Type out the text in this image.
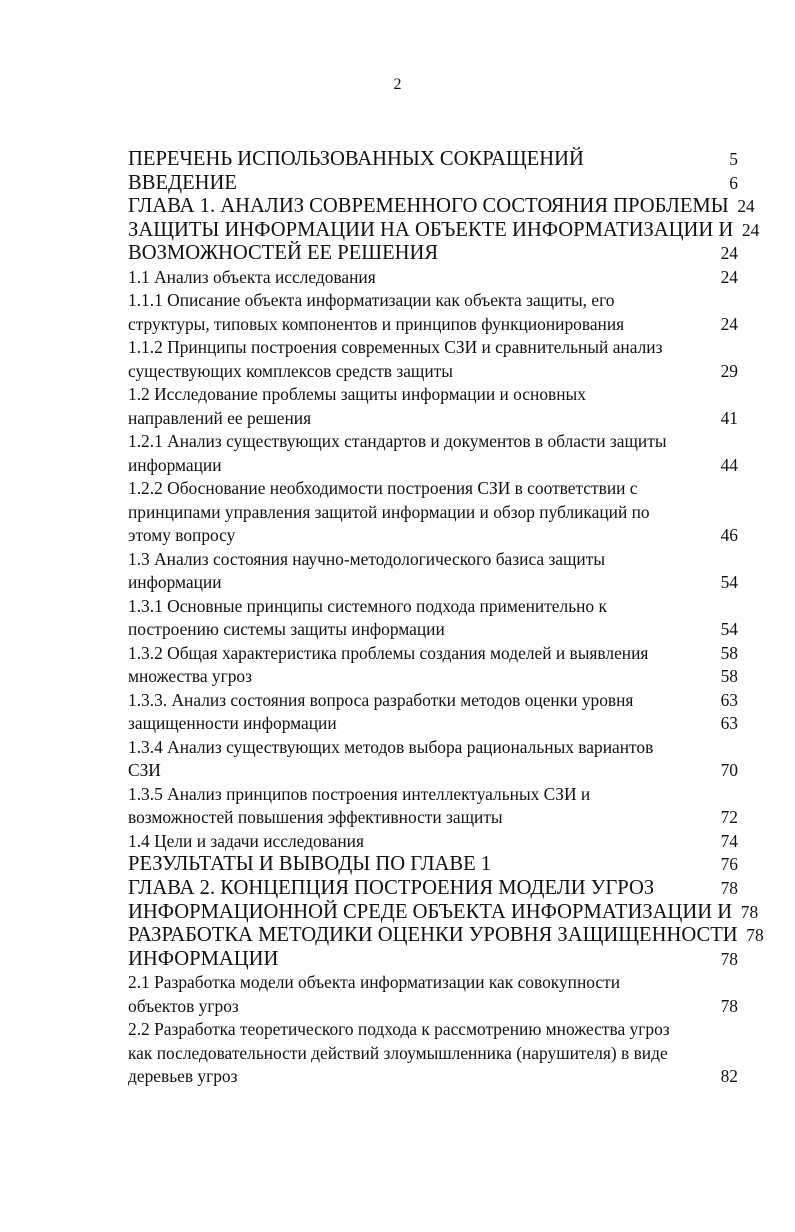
2
ПЕРЕЧЕНЬ ИСПОЛЬЗОВАННЫХ СОКРАЩЕНИЙ	5
ВВЕДЕНИЕ	6
ГЛАВА 1. АНАЛИЗ СОВРЕМЕННОГО СОСТОЯНИЯ ПРОБЛЕМЫ 24
ЗАЩИТЫ ИНФОРМАЦИИ НА ОБЪЕКТЕ ИНФОРМАТИЗАЦИИ И 24
ВОЗМОЖНОСТЕЙ ЕЕ РЕШЕНИЯ	24
1.1 Анализ объекта исследования	24
1.1.1 Описание объекта информатизации как объекта защиты, его
структуры, типовых компонентов и принципов функционирования	24
1.1.2 Принципы построения современных СЗИ и сравнительный анализ
существующих комплексов средств защиты	29
1.2 Исследование проблемы защиты информации и основных
направлений ее решения	41
1.2.1 Анализ существующих стандартов и документов в области защиты
информации	44
1.2.2 Обоснование необходимости построения СЗИ в соответствии с
принципами управления защитой информации и обзор публикаций по
этому вопросу	46
1.3 Анализ состояния научно-методологического базиса защиты
информации	54
1.3.1 Основные принципы системного подхода применительно к
построению системы защиты информации	54
1.3.2 Общая характеристика проблемы создания моделей и выявления	58
множества угроз	58
1.3.3. Анализ состояния вопроса разработки методов оценки уровня	63
защищенности информации	63
1.3.4 Анализ существующих методов выбора рациональных вариантов
СЗИ	70
1.3.5 Анализ принципов построения интеллектуальных СЗИ и
возможностей повышения эффективности защиты	72
1.4 Цели и задачи исследования	74
РЕЗУЛЬТАТЫ И ВЫВОДЫ ПО ГЛАВЕ 1	76
ГЛАВА 2. КОНЦЕПЦИЯ ПОСТРОЕНИЯ МОДЕЛИ УГРОЗ	78
ИНФОРМАЦИОННОЙ СРЕДЕ ОБЪЕКТА ИНФОРМАТИЗАЦИИ И 78
РАЗРАБОТКА МЕТОДИКИ ОЦЕНКИ УРОВНЯ ЗАЩИЩЕННОСТИ 78
ИНФОРМАЦИИ	78
2.1 Разработка модели объекта информатизации как совокупности
объектов угроз	78
2.2 Разработка теоретического подхода к рассмотрению множества угроз
как последовательности действий злоумышленника (нарушителя) в виде
деревьев угроз	82
